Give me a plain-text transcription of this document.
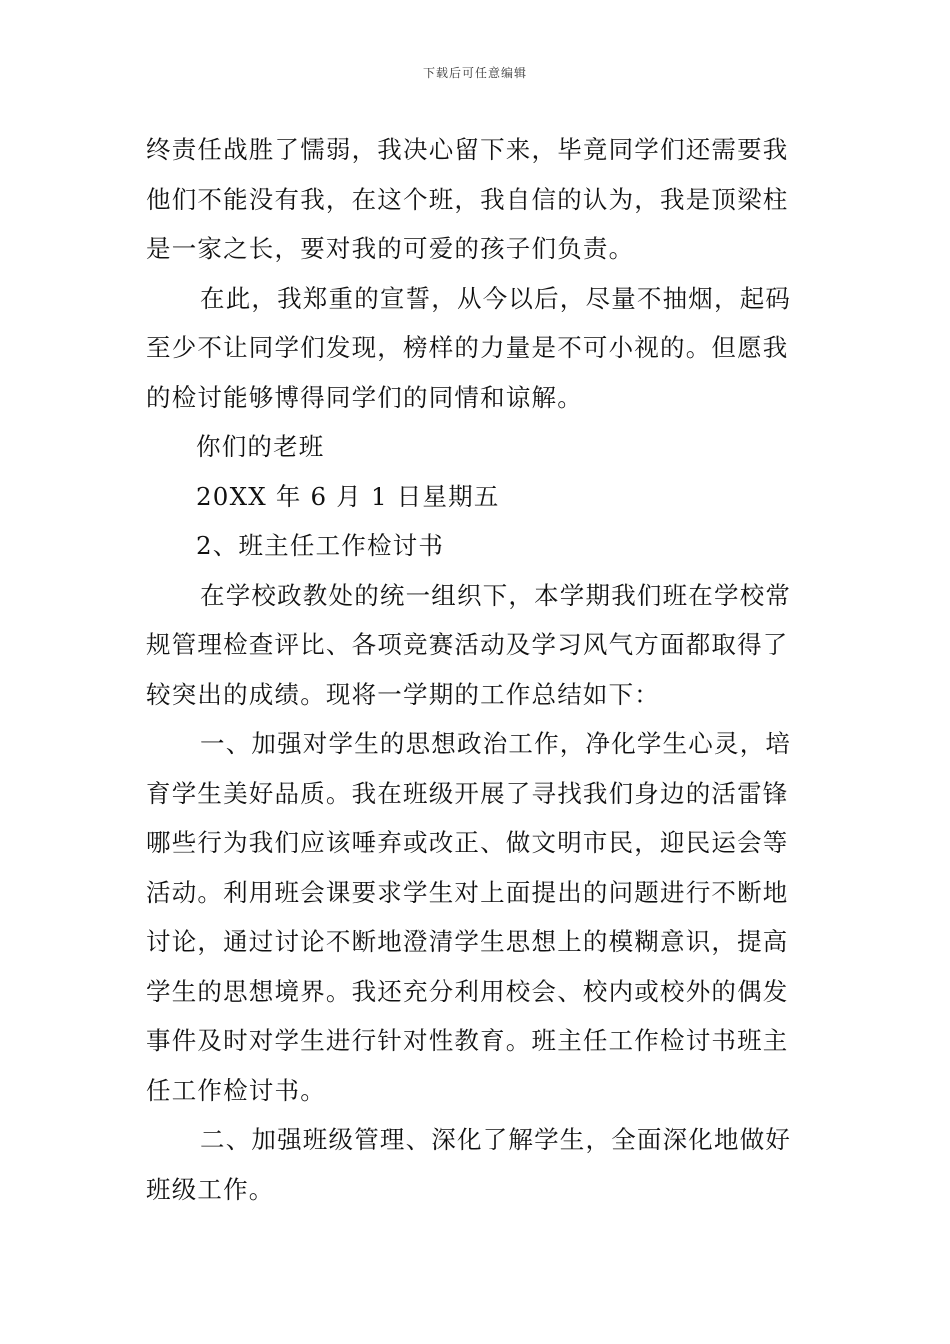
下载后可任意编辑
终责任战胜了懦弱，我决心留下来，毕竟同学们还需要我
他们不能没有我，在这个班，我自信的认为，我是顶梁柱
是一家之长，要对我的可爱的孩子们负责。
在此，我郑重的宣誓，从今以后，尽量不抽烟，起码
至少不让同学们发现，榜样的力量是不可小视的。但愿我
的检讨能够博得同学们的同情和谅解。
你们的老班
20XX 年 6 月 1 日星期五
2、班主任工作检讨书
在学校政教处的统一组织下，本学期我们班在学校常
规管理检查评比、各项竞赛活动及学习风气方面都取得了
较突出的成绩。现将一学期的工作总结如下：
一、加强对学生的思想政治工作，净化学生心灵，培
育学生美好品质。我在班级开展了寻找我们身边的活雷锋
哪些行为我们应该唾弃或改正、做文明市民，迎民运会等
活动。利用班会课要求学生对上面提出的问题进行不断地
讨论，通过讨论不断地澄清学生思想上的模糊意识，提高
学生的思想境界。我还充分利用校会、校内或校外的偶发
事件及时对学生进行针对性教育。班主任工作检讨书班主
任工作检讨书。
二、加强班级管理、深化了解学生，全面深化地做好
班级工作。
